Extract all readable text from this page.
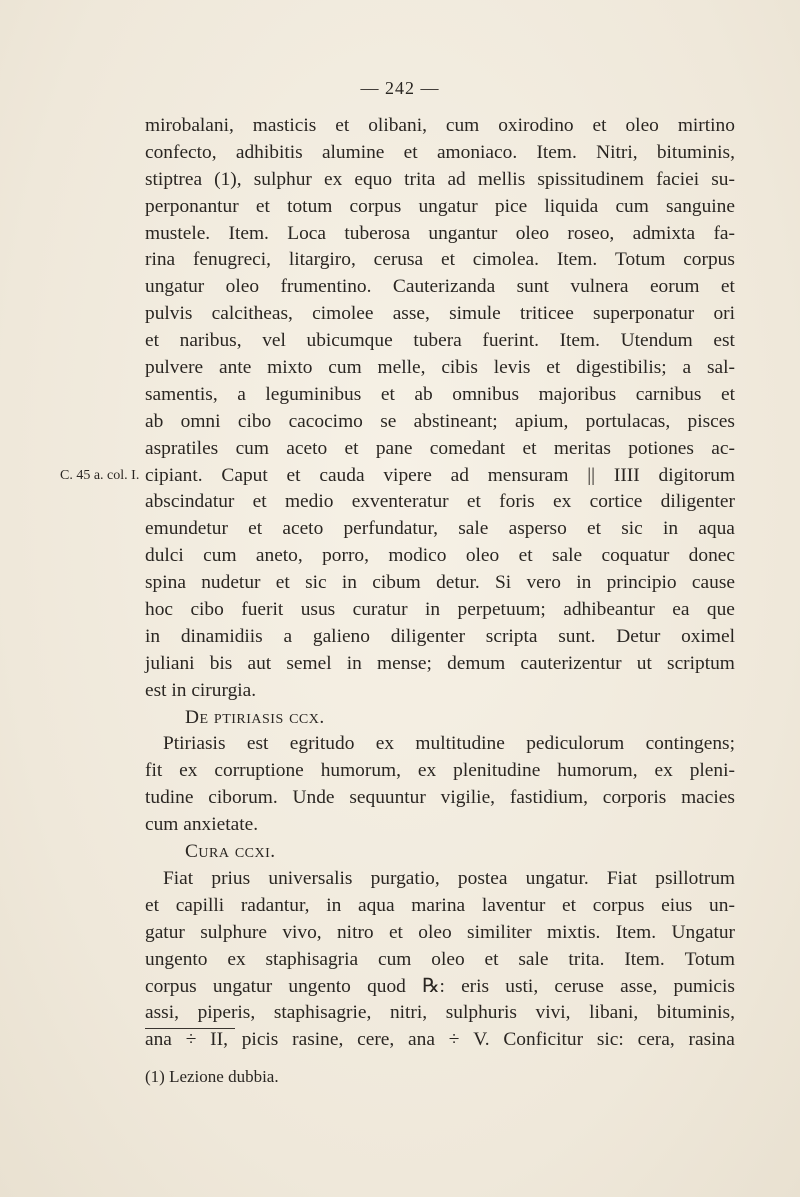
— 242 —
C. 45 a. col. I.
mirobalani, masticis et olibani, cum oxirodino et oleo mirtino
confecto, adhibitis alumine et amoniaco. Item. Nitri, bituminis,
stiptrea (1), sulphur ex equo trita ad mellis spissitudinem faciei su-
perponantur et totum corpus ungatur pice liquida cum sanguine
mustele. Item. Loca tuberosa ungantur oleo roseo, admixta fa-
rina fenugreci, litargiro, cerusa et cimolea. Item. Totum corpus
ungatur oleo frumentino. Cauterizanda sunt vulnera eorum et
pulvis calcitheas, cimolee asse, simule triticee superponatur ori
et naribus, vel ubicumque tubera fuerint. Item. Utendum est
pulvere ante mixto cum melle, cibis levis et digestibilis; a sal-
samentis, a leguminibus et ab omnibus majoribus carnibus et
ab omni cibo cacocimo se abstineant; apium, portulacas, pisces
aspratiles cum aceto et pane comedant et meritas potiones ac-
cipiant. Caput et cauda vipere ad mensuram || IIII digitorum
abscindatur et medio exventeratur et foris ex cortice diligenter
emundetur et aceto perfundatur, sale asperso et sic in aqua
dulci cum aneto, porro, modico oleo et sale coquatur donec
spina nudetur et sic in cibum detur. Si vero in principio cause
hoc cibo fuerit usus curatur in perpetuum; adhibeantur ea que
in dinamidiis a galieno diligenter scripta sunt. Detur oximel
juliani bis aut semel in mense; demum cauterizentur ut scriptum
est in cirurgia.
De ptiriasis ccx.
Ptiriasis est egritudo ex multitudine pediculorum contingens;
fit ex corruptione humorum, ex plenitudine humorum, ex pleni-
tudine ciborum. Unde sequuntur vigilie, fastidium, corporis macies
cum anxietate.
Cura ccxi.
Fiat prius universalis purgatio, postea ungatur. Fiat psillotrum
et capilli radantur, in aqua marina laventur et corpus eius un-
gatur sulphure vivo, nitro et oleo similiter mixtis. Item. Ungatur
ungento ex staphisagria cum oleo et sale trita. Item. Totum
corpus ungatur ungento quod ℞: eris usti, ceruse asse, pumicis
assi, piperis, staphisagrie, nitri, sulphuris vivi, libani, bituminis,
ana ÷ II, picis rasine, cere, ana ÷ V. Conficitur sic: cera, rasina
(1) Lezione dubbia.
